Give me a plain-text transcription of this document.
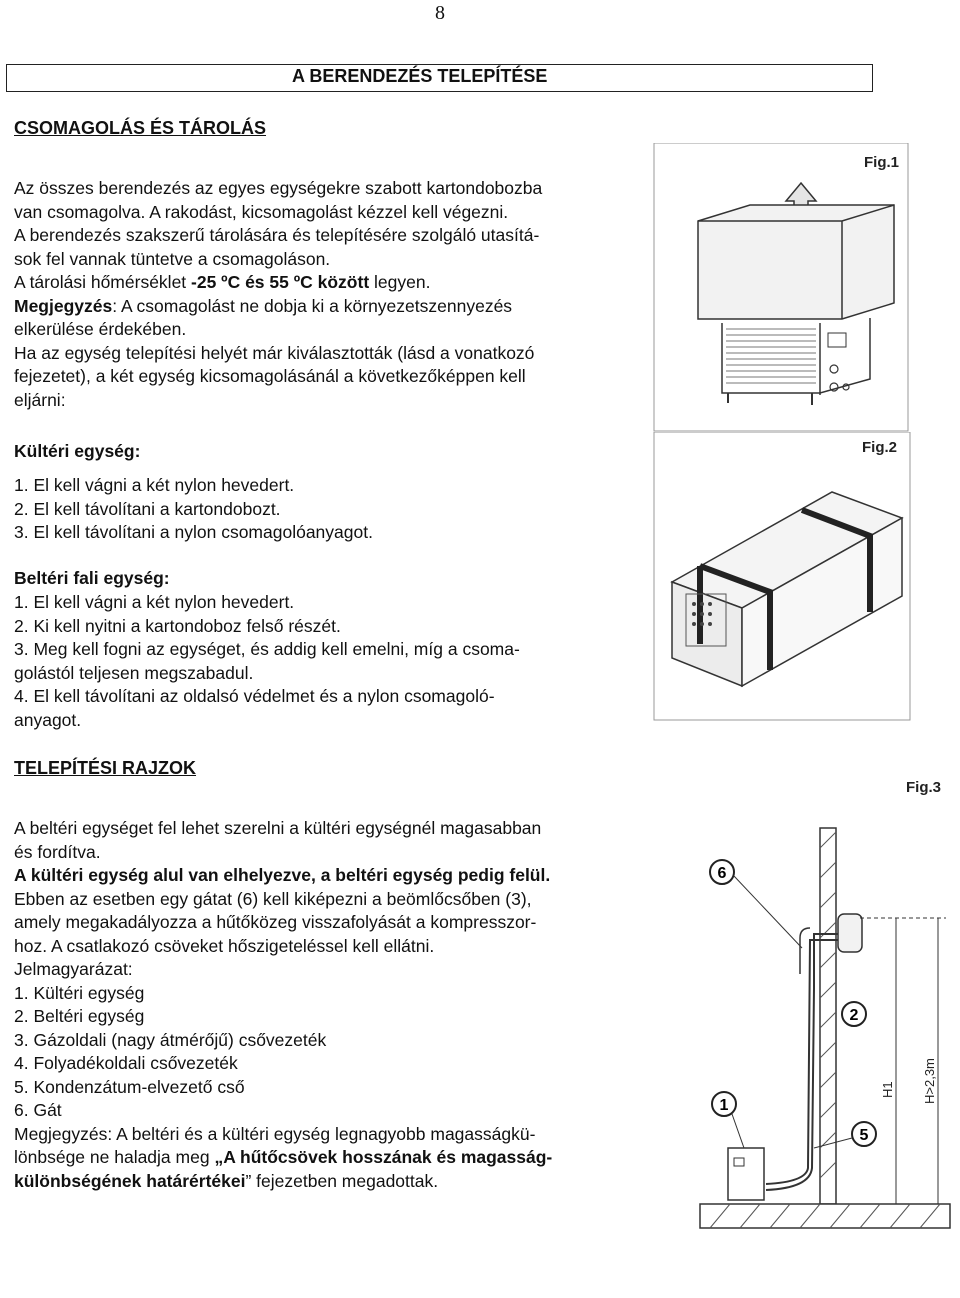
8
A BERENDEZÉS TELEPÍTÉSE
CSOMAGOLÁS ÉS TÁROLÁS
Az összes berendezés az egyes egységekre szabott kartondobozba
van csomagolva. A rakodást, kicsomagolást kézzel kell végezni.
A berendezés szakszerű tárolására és telepítésére szolgáló utasítá-
sok fel vannak tüntetve a csomagoláson.
A tárolási hőmérséklet -25 ºC és 55 ºC között legyen.
Megjegyzés: A csomagolást ne dobja ki a környezetszennyezés
elkerülése érdekében.
Ha az egység telepítési helyét már kiválasztották (lásd a vonatkozó
fejezetet), a két egység kicsomagolásánál a következőképpen kell
eljárni:
Kültéri egység:
1. El kell vágni a két nylon hevedert.
2. El kell távolítani a kartondobozt.
3. El kell távolítani a nylon csomagolóanyagot.
Beltéri fali egység:
1. El kell vágni a két nylon hevedert.
2. Ki kell nyitni a kartondoboz felső részét.
3. Meg kell fogni az egységet, és addig kell emelni, míg a csoma-
golástól teljesen megszabadul.
4. El kell távolítani az oldalsó védelmet és a nylon csomagoló-
anyagot.
TELEPÍTÉSI RAJZOK
A beltéri egységet fel lehet szerelni a kültéri egységnél magasabban
és fordítva.
A kültéri egység alul van elhelyezve, a beltéri egység pedig felül.
Ebben az esetben egy gátat (6) kell kiképezni a beömlőcsőben (3),
amely megakadályozza a hűtőközeg visszafolyását a kompresszor-
hoz. A csatlakozó csöveket hőszigeteléssel kell ellátni.
Jelmagyarázat:
1. Kültéri egység
2. Beltéri egység
3. Gázoldali (nagy átmérőjű) csővezeték
4. Folyadékoldali csővezeték
5. Kondenzátum-elvezető cső
6. Gát
Megjegyzés: A beltéri és a kültéri egység legnagyobb magasságkü-
lönbsége ne haladja meg „A hűtőcsövek hosszának és magasság-
különbségének határértékei” fejezetben megadottak.
Fig.1
Fig.2
Fig.3
H1 H>2,3m
6
2
1
5
